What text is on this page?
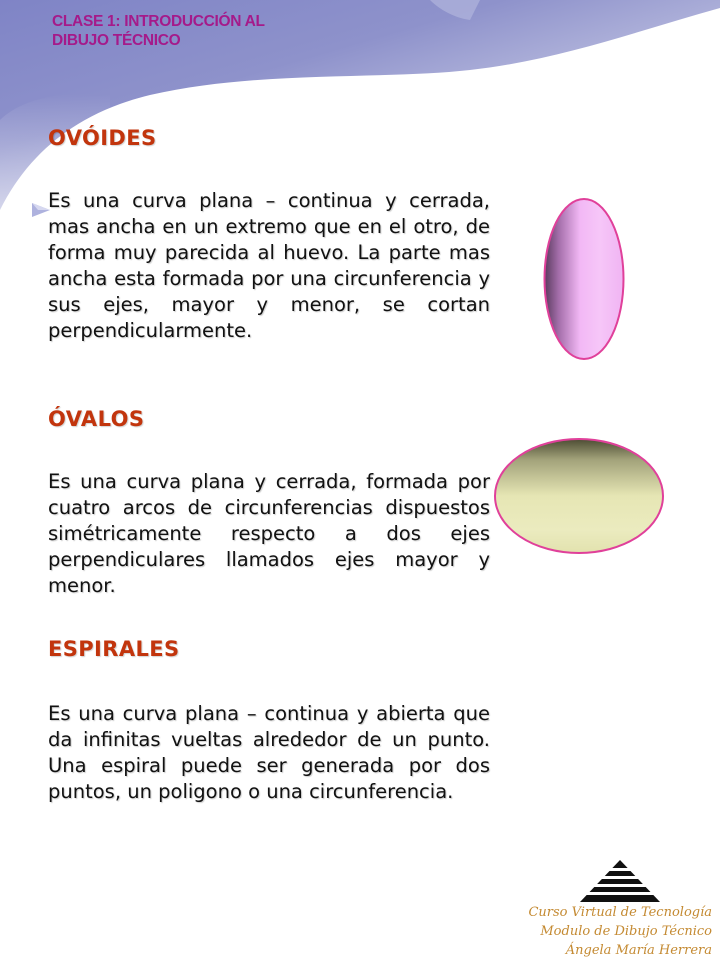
CLASE 1: INTRODUCCIÓN AL
DIBUJO TÉCNICO
OVÓIDES

Es una curva plana – continua y cerrada, mas ancha en un extremo que en el otro, de forma muy parecida al huevo. La parte mas ancha esta formada por una circunferencia y sus ejes, mayor y menor, se cortan perpendicularmente.

ÓVALOS

Es una curva plana y cerrada, formada por cuatro arcos de circunferencias dispuestos simétricamente respecto a dos ejes perpendiculares llamados ejes mayor y menor.

ESPIRALES

Es una curva plana – continua y abierta que da infinitas vueltas alrededor de un punto. Una espiral puede ser generada por dos puntos, un poligono o una circunferencia.

Curso Virtual de Tecnología
Modulo de Dibujo Técnico
Ángela María Herrera
